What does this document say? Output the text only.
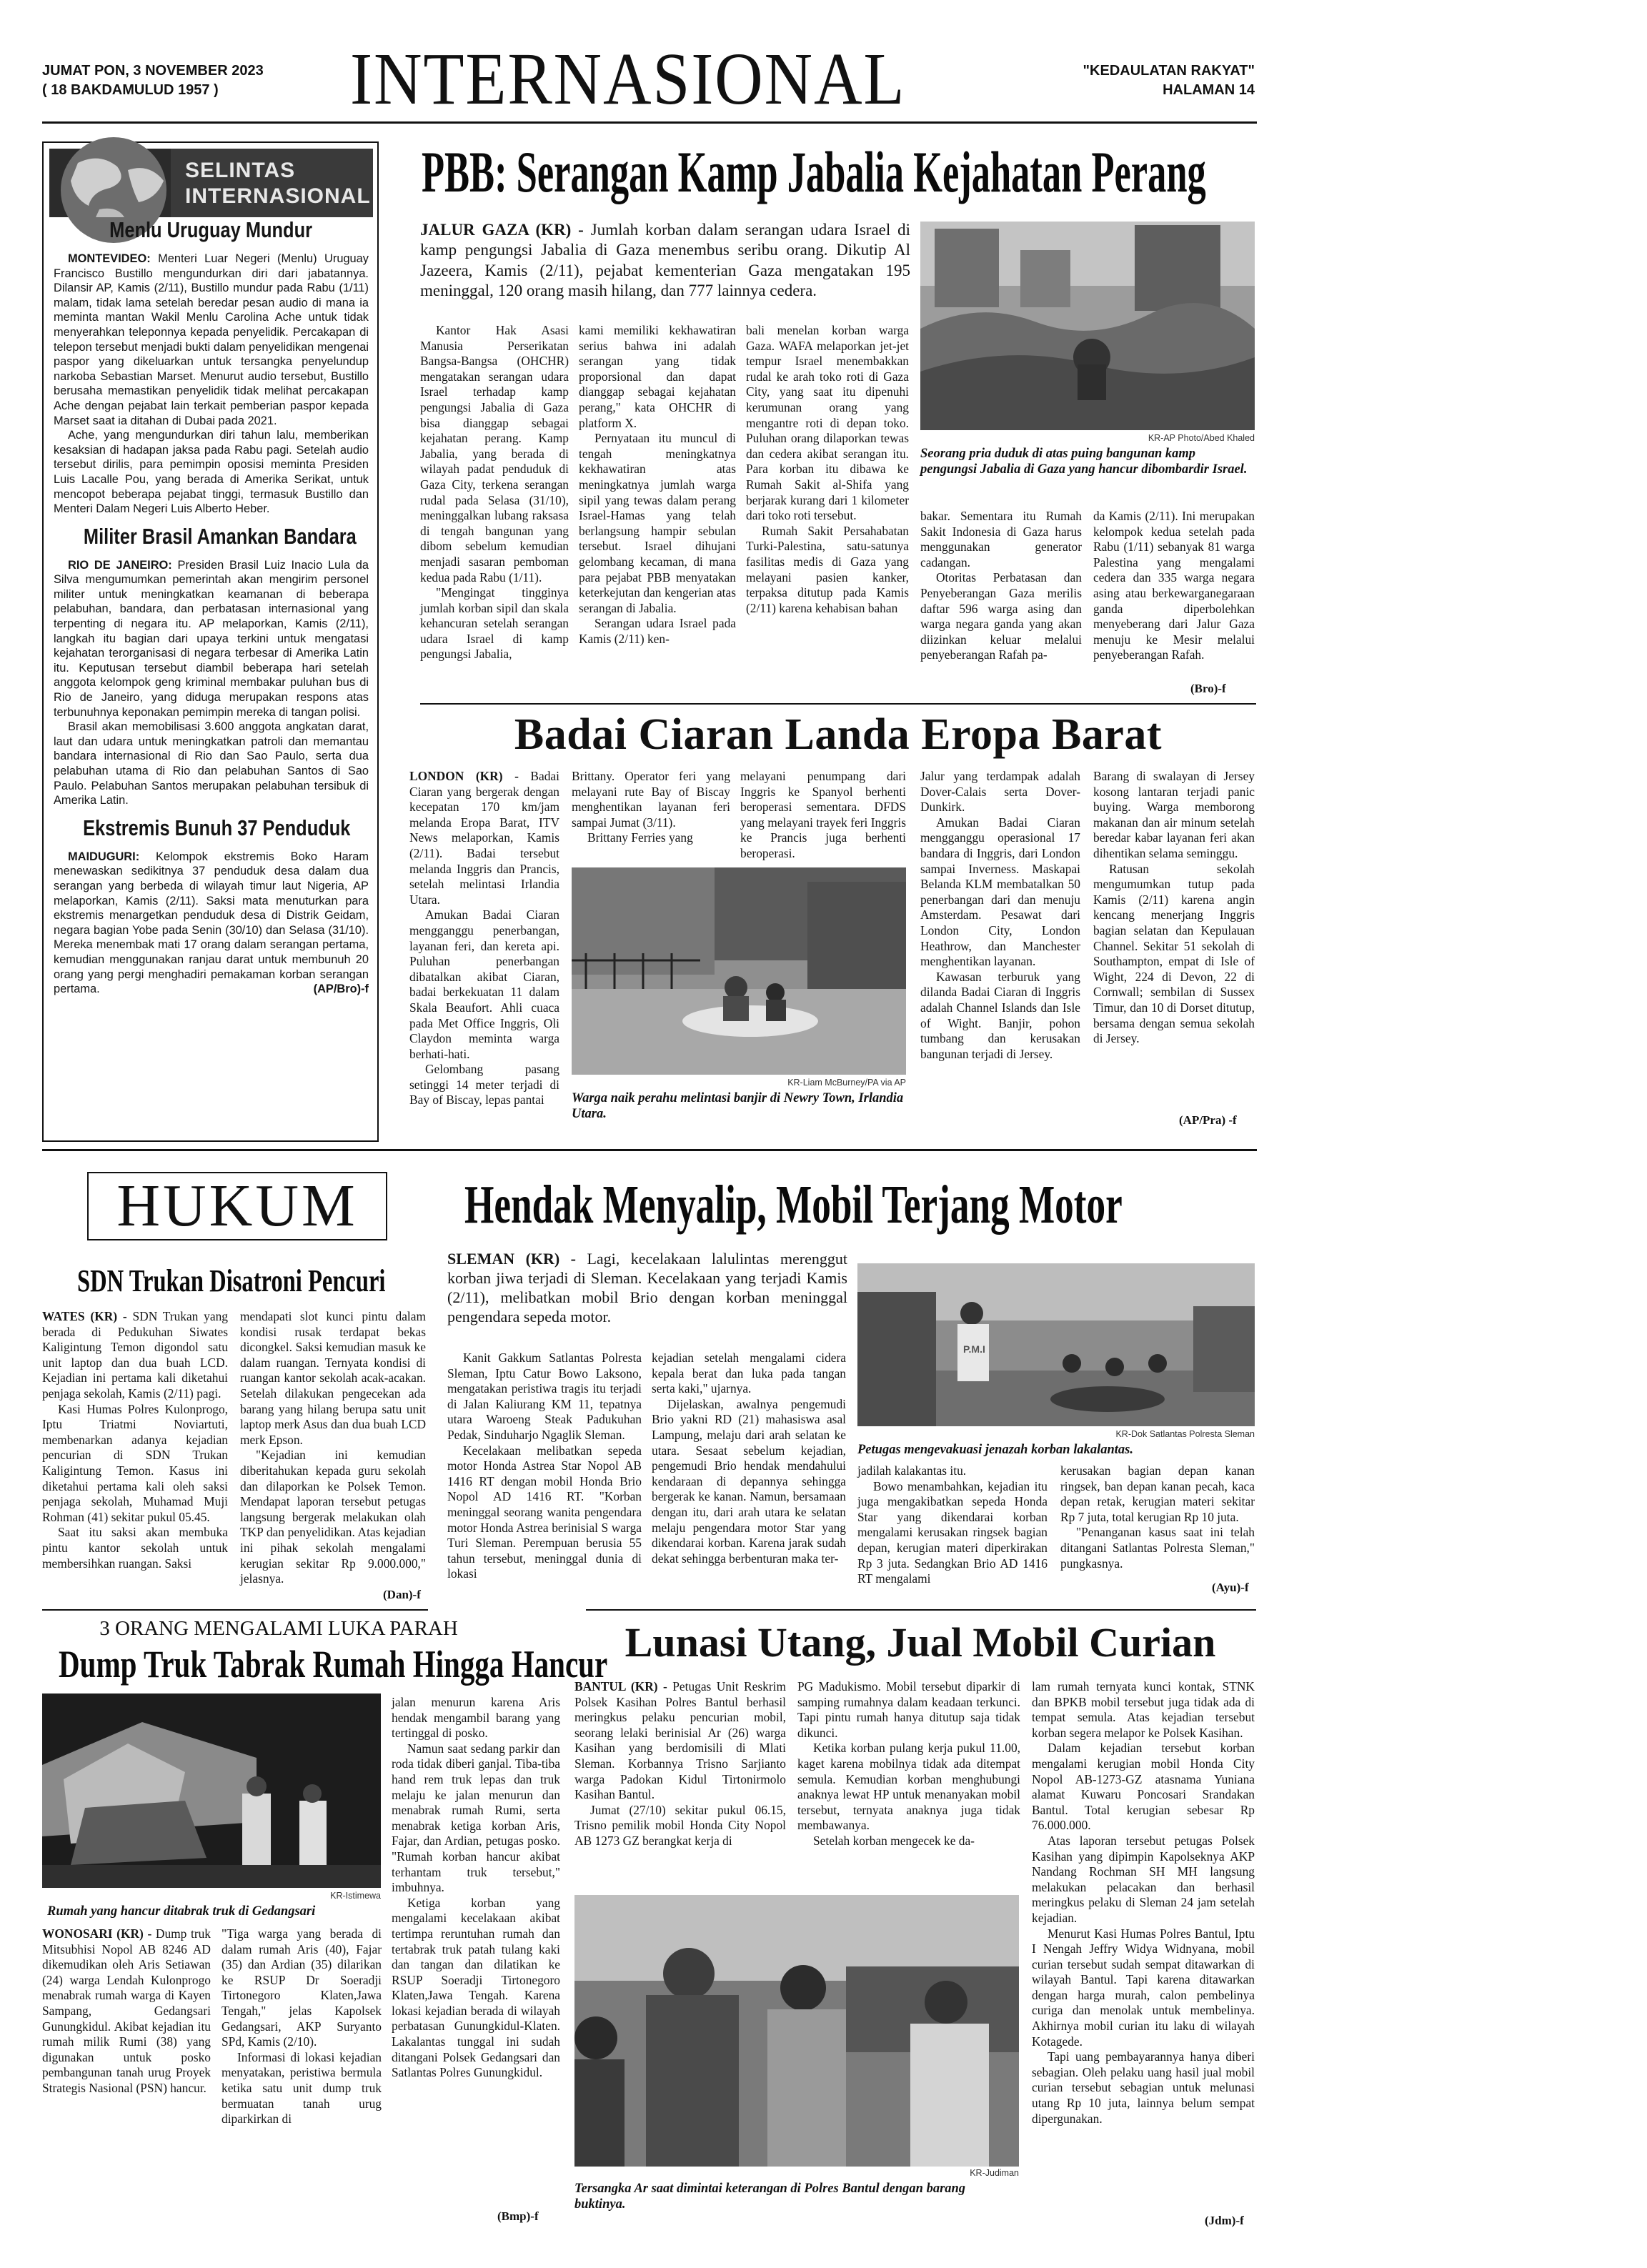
JUMAT PON, 3 NOVEMBER 2023
( 18 BAKDAMULUD 1957 ) INTERNASIONAL	"KEDAULATAN RAKYAT"
HALAMAN 14
SELINTAS
INTERNASIONAL
Menlu Uruguay Mundur

MONTEVIDEO: Menteri Luar Negeri (Menlu) Uruguay Francisco Bustillo mengundurkan diri dari jabatannya. Dilansir AP, Kamis (2/11), Bustillo mundur pada Rabu (1/11) malam, tidak lama setelah beredar pesan audio di mana ia meminta mantan Wakil Menlu Carolina Ache untuk tidak menyerahkan teleponnya kepada penyelidik. Percakapan di telepon tersebut menjadi bukti dalam penyelidikan mengenai paspor yang dikeluarkan untuk tersangka penyelundup narkoba Sebastian Marset. Menurut audio tersebut, Bustillo berusaha memastikan penyelidik tidak melihat percakapan Ache dengan pejabat lain terkait pemberian paspor kepada Marset saat ia ditahan di Dubai pada 2021.

Ache, yang mengundurkan diri tahun lalu, memberikan kesaksian di hadapan jaksa pada Rabu pagi. Setelah audio tersebut dirilis, para pemimpin oposisi meminta Presiden Luis Lacalle Pou, yang berada di Amerika Serikat, untuk mencopot beberapa pejabat tinggi, termasuk Bustillo dan Menteri Dalam Negeri Luis Alberto Heber.

Militer Brasil Amankan Bandara

RIO DE JANEIRO: Presiden Brasil Luiz Inacio Lula da Silva mengumumkan pemerintah akan mengirim personel militer untuk meningkatkan keamanan di beberapa pelabuhan, bandara, dan perbatasan internasional yang terpenting di negara itu. AP melaporkan, Kamis (2/11), langkah itu bagian dari upaya terkini untuk mengatasi kejahatan terorganisasi di negara terbesar di Amerika Latin itu. Keputusan tersebut diambil beberapa hari setelah anggota kelompok geng kriminal membakar puluhan bus di Rio de Janeiro, yang diduga merupakan respons atas terbunuhnya keponakan pemimpin mereka di tangan polisi.

Brasil akan memobilisasi 3.600 anggota angkatan darat, laut dan udara untuk meningkatkan patroli dan memantau bandara internasional di Rio dan Sao Paulo, serta dua pelabuhan utama di Rio dan pelabuhan Santos di Sao Paulo. Pelabuhan Santos merupakan pelabuhan tersibuk di Amerika Latin.

Ekstremis Bunuh 37 Penduduk

MAIDUGURI: Kelompok ekstremis Boko Haram menewaskan sedikitnya 37 penduduk desa dalam dua serangan yang berbeda di wilayah timur laut Nigeria, AP melaporkan, Kamis (2/11). Saksi mata menuturkan para ekstremis menargetkan penduduk desa di Distrik Geidam, negara bagian Yobe pada Senin (30/10) dan Selasa (31/10). Mereka menembak mati 17 orang dalam serangan pertama, kemudian menggunakan ranjau darat untuk membunuh 20 orang yang pergi menghadiri pemakaman korban serangan pertama.	(AP/Bro)-f

PBB: Serangan Kamp Jabalia Kejahatan Perang

JALUR GAZA (KR) - Jumlah korban dalam serangan udara Israel di kamp pengungsi Jabalia di Gaza menembus seribu orang. Dikutip Al Jazeera, Kamis (2/11), pejabat kementerian Gaza mengatakan 195 meninggal, 120 orang masih hilang, dan 777 lainnya cedera.

KR-AP Photo/Abed Khaled
Seorang pria duduk di atas puing bangunan kamp pengungsi Jabalia di Gaza yang hancur dibombardir Israel.

Kantor Hak Asasi Manusia Perserikatan Bangsa-Bangsa (OHCHR) mengatakan serangan udara Israel terhadap kamp pengungsi Jabalia di Gaza bisa dianggap sebagai kejahatan perang. Kamp Jabalia, yang berada di wilayah padat penduduk di Gaza City, terkena serangan rudal pada Selasa (31/10), meninggalkan lubang raksasa di tengah bangunan yang dibom sebelum kemudian menjadi sasaran pemboman kedua pada Rabu (1/11).

"Mengingat tingginya jumlah korban sipil dan skala kehancuran setelah serangan udara Israel di kamp pengungsi Jabalia,

kami memiliki kekhawatiran serius bahwa ini adalah serangan yang tidak proporsional dan dapat dianggap sebagai kejahatan perang," kata OHCHR di platform X.

Pernyataan itu muncul di tengah meningkatnya kekhawatiran atas meningkatnya jumlah warga sipil yang tewas dalam perang Israel-Hamas yang telah berlangsung hampir sebulan tersebut. Israel dihujani gelombang kecaman, di mana para pejabat PBB menyatakan keterkejutan dan kengerian atas serangan di Jabalia.

Serangan udara Israel pada Kamis (2/11) ken-

bali menelan korban warga Gaza. WAFA melaporkan jet-jet tempur Israel menembakkan rudal ke arah toko roti di Gaza City, yang saat itu dipenuhi kerumunan orang yang mengantre roti di depan toko. Puluhan orang dilaporkan tewas dan cedera akibat serangan itu. Para korban itu dibawa ke Rumah Sakit al-Shifa yang berjarak kurang dari 1 kilometer dari toko roti tersebut.

Rumah Sakit Persahabatan Turki-Palestina, satu-satunya fasilitas medis di Gaza yang melayani pasien kanker, terpaksa ditutup pada Kamis (2/11) karena kehabisan bahan

bakar. Sementara itu Rumah Sakit Indonesia di Gaza harus menggunakan generator cadangan.

Otoritas Perbatasan dan Penyeberangan Gaza merilis daftar 596 warga asing dan warga negara ganda yang akan diizinkan keluar melalui penyeberangan Rafah pa-

da Kamis (2/11). Ini merupakan kelompok kedua setelah pada Rabu (1/11) sebanyak 81 warga Palestina yang mengalami cedera dan 335 warga negara asing atau berkewarganegaraan ganda diperbolehkan menyeberang dari Jalur Gaza menuju ke Mesir melalui penyeberangan Rafah.

(Bro)-f
Badai Ciaran Landa Eropa Barat

LONDON (KR) - Badai Ciaran yang bergerak dengan kecepatan 170 km/jam melanda Eropa Barat, ITV News melaporkan, Kamis (2/11). Badai tersebut melanda Inggris dan Prancis, setelah melintasi Irlandia Utara.

Amukan Badai Ciaran mengganggu penerbangan, layanan feri, dan kereta api. Puluhan penerbangan dibatalkan akibat Ciaran, badai berkekuatan 11 dalam Skala Beaufort. Ahli cuaca pada Met Office Inggris, Oli Claydon meminta warga berhati-hati.

Gelombang pasang setinggi 14 meter terjadi di Bay of Biscay, lepas pantai

Brittany. Operator feri yang melayani rute Bay of Biscay menghentikan layanan feri sampai Jumat (3/11).

Brittany Ferries yang

melayani penumpang dari Inggris ke Spanyol berhenti beroperasi sementara. DFDS yang melayani trayek feri Inggris ke Prancis juga berhenti beroperasi.

KR-Liam McBurney/PA via AP
Warga naik perahu melintasi banjir di Newry Town, Irlandia Utara.

Jalur yang terdampak adalah Dover-Calais serta Dover-Dunkirk.

Amukan Badai Ciaran mengganggu operasional 17 bandara di Inggris, dari London sampai Inverness. Maskapai Belanda KLM membatalkan 50 penerbangan dari dan menuju Amsterdam. Pesawat dari London City, London Heathrow, dan Manchester menghentikan layanan.

Kawasan terburuk yang dilanda Badai Ciaran di Inggris adalah Channel Islands dan Isle of Wight. Banjir, pohon tumbang dan kerusakan bangunan terjadi di Jersey.

Barang di swalayan di Jersey kosong lantaran terjadi panic buying. Warga memborong makanan dan air minum setelah beredar kabar layanan feri akan dihentikan selama seminggu.

Ratusan sekolah mengumumkan tutup pada Kamis (2/11) karena angin kencang menerjang Inggris bagian selatan dan Kepulauan Channel. Sekitar 51 sekolah di Southampton, empat di Isle of Wight, 224 di Devon, 22 di Cornwall; sembilan di Sussex Timur, dan 10 di Dorset ditutup, bersama dengan semua sekolah di Jersey.

(AP/Pra) -f
HUKUM	Hendak Menyalip, Mobil Terjang Motor

SLEMAN (KR) - Lagi, kecelakaan lalulintas merenggut korban jiwa terjadi di Sleman. Kecelakaan yang terjadi Kamis (2/11), melibatkan mobil Brio dengan korban meninggal pengendara sepeda motor.

P.M.I
KR-Dok Satlantas Polresta Sleman
Petugas mengevakuasi jenazah korban lakalantas.

Kanit Gakkum Satlantas Polresta Sleman, Iptu Catur Bowo Laksono, mengatakan peristiwa tragis itu terjadi di Jalan Kaliurang KM 11, tepatnya utara Waroeng Steak Padukuhan Pedak, Sinduharjo Ngaglik Sleman.

Kecelakaan melibatkan sepeda motor Honda Astrea Star Nopol AB 1416 RT dengan mobil Honda Brio Nopol AD 1416 RT. "Korban meninggal seorang wanita pengendara motor Honda Astrea berinisial S warga Turi Sleman. Perempuan berusia 55 tahun tersebut, meninggal dunia di lokasi

kejadian setelah mengalami cidera kepala berat dan luka pada tangan serta kaki," ujarnya.

Dijelaskan, awalnya pengemudi Brio yakni RD (21) mahasiswa asal Lampung, melaju dari arah selatan ke utara. Sesaat sebelum kejadian, pengemudi Brio hendak mendahului kendaraan di depannya sehingga bergerak ke kanan. Namun, bersamaan dengan itu, dari arah utara ke selatan melaju pengendara motor Star yang dikendarai korban. Karena jarak sudah dekat sehingga berbenturan maka ter-

jadilah kalakantas itu.

Bowo menambahkan, kejadian itu juga mengakibatkan sepeda Honda Star yang dikendarai korban mengalami kerusakan ringsek bagian depan, kerugian materi diperkirakan Rp 3 juta. Sedangkan Brio AD 1416 RT mengalami

kerusakan bagian depan kanan ringsek, ban depan kanan pecah, kaca depan retak, kerugian materi sekitar Rp 7 juta, total kerugian Rp 10 juta.

"Penanganan kasus saat ini telah ditangani Satlantas Polresta Sleman," pungkasnya.

(Ayu)-f
SDN Trukan Disatroni Pencuri

WATES (KR) - SDN Trukan yang berada di Pedukuhan Siwates Kaligintung Temon digondol satu unit laptop dan dua buah LCD. Kejadian ini pertama kali diketahui penjaga sekolah, Kamis (2/11) pagi.

Kasi Humas Polres Kulonprogo, Iptu Triatmi Noviartuti, membenarkan adanya kejadian pencurian di SDN Trukan Kaligintung Temon. Kasus ini diketahui pertama kali oleh saksi penjaga sekolah, Muhamad Muji Rohman (41) sekitar pukul 05.45.

Saat itu saksi akan membuka pintu kantor sekolah untuk membersihkan ruangan. Saksi

mendapati slot kunci pintu dalam kondisi rusak terdapat bekas dicongkel. Saksi kemudian masuk ke dalam ruangan. Ternyata kondisi di ruangan kantor sekolah acak-acakan. Setelah dilakukan pengecekan ada barang yang hilang berupa satu unit laptop merk Asus dan dua buah LCD merk Epson.

"Kejadian ini kemudian diberitahukan kepada guru sekolah dan dilaporkan ke Polsek Temon. Mendapat laporan tersebut petugas langsung bergerak melakukan olah TKP dan penyelidikan. Atas kejadian ini pihak sekolah mengalami kerugian sekitar Rp 9.000.000," jelasnya.

(Dan)-f
3 ORANG MENGALAMI LUKA PARAH
Dump Truk Tabrak Rumah Hingga Hancur
KR-Istimewa
Rumah yang hancur ditabrak truk di Gedangsari

WONOSARI (KR) - Dump truk Mitsubhisi Nopol AB 8246 AD dikemudikan oleh Aris Setiawan (24) warga Lendah Kulonprogo menabrak rumah warga di Kayen Sampang, Gedangsari Gunungkidul. Akibat kejadian itu rumah milik Rumi (38) yang digunakan untuk posko pembangunan tanah urug Proyek Strategis Nasional (PSN) hancur.

"Tiga warga yang berada di dalam rumah Aris (40), Fajar (35) dan Ardian (35) dilarikan ke RSUP Dr Soeradji Tirtonegoro Klaten,Jawa Tengah," jelas Kapolsek Gedangsari, AKP Suryanto SPd, Kamis (2/10).

Informasi di lokasi kejadian menyatakan, peristiwa bermula ketika satu unit dump truk bermuatan tanah urug diparkirkan di

jalan menurun karena Aris hendak mengambil barang yang tertinggal di posko.

Namun saat sedang parkir dan roda tidak diberi ganjal. Tiba-tiba hand rem truk lepas dan truk melaju ke jalan menurun dan menabrak rumah Rumi, serta menabrak ketiga korban Aris, Fajar, dan Ardian, petugas posko. "Rumah korban hancur akibat terhantam truk tersebut," imbuhnya.

Ketiga korban yang mengalami kecelakaan akibat tertimpa reruntuhan rumah dan tertabrak truk patah tulang kaki dan tangan dan dilatikan ke RSUP Soeradji Tirtonegoro Klaten,Jawa Tengah. Karena lokasi kejadian berada di wilayah perbatasan Gunungkidul-Klaten. Lakalantas tunggal ini sudah ditangani Polsek Gedangsari dan Satlantas Polres Gunungkidul.

(Bmp)-f
Lunasi Utang, Jual Mobil Curian

BANTUL (KR) - Petugas Unit Reskrim Polsek Kasihan Polres Bantul berhasil meringkus pelaku pencurian mobil, seorang lelaki berinisial Ar (26) warga Kasihan yang berdomisili di Mlati Sleman. Korbannya Trisno Sarjianto warga Padokan Kidul Tirtonirmolo Kasihan Bantul.

Jumat (27/10) sekitar pukul 06.15, Trisno pemilik mobil Honda City Nopol AB 1273 GZ berangkat kerja di

PG Madukismo. Mobil tersebut diparkir di samping rumahnya dalam keadaan terkunci. Tapi pintu rumah hanya ditutup saja tidak dikunci.

Ketika korban pulang kerja pukul 11.00, kaget karena mobilnya tidak ada ditempat semula. Kemudian korban menghubungi anaknya lewat HP untuk menanyakan mobil tersebut, ternyata anaknya juga tidak membawanya.

Setelah korban mengecek ke da-

KR-Judiman
Tersangka Ar saat dimintai keterangan di Polres Bantul dengan barang buktinya.

lam rumah ternyata kunci kontak, STNK dan BPKB mobil tersebut juga tidak ada di tempat semula. Atas kejadian tersebut korban segera melapor ke Polsek Kasihan.

Dalam kejadian tersebut korban mengalami kerugian mobil Honda City Nopol AB-1273-GZ atasnama Yuniana alamat Kuwaru Poncosari Srandakan Bantul. Total kerugian sebesar Rp 76.000.000.

Atas laporan tersebut petugas Polsek Kasihan yang dipimpin Kapolseknya AKP Nandang Rochman SH MH langsung melakukan pelacakan dan berhasil meringkus pelaku di Sleman 24 jam setelah kejadian.

Menurut Kasi Humas Polres Bantul, Iptu I Nengah Jeffry Widya Widnyana, mobil curian tersebut sudah sempat ditawarkan di wilayah Bantul. Tapi karena ditawarkan dengan harga murah, calon pembelinya curiga dan menolak untuk membelinya. Akhirnya mobil curian itu laku di wilayah Kotagede.

Tapi uang pembayarannya hanya diberi sebagian. Oleh pelaku uang hasil jual mobil curian tersebut sebagian untuk melunasi utang Rp 10 juta, lainnya belum sempat dipergunakan.

(Jdm)-f
